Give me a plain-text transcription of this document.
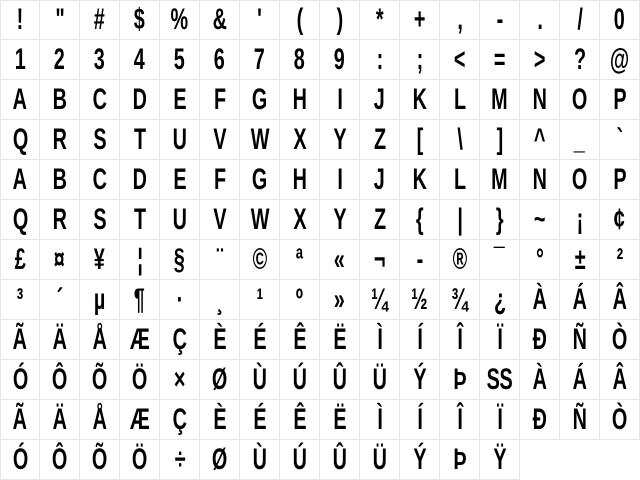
! " # $ % & ' ( ) * + , - . / 0
1 2 3 4 5 6 7 8 9 : ; < = > ? @
A B C D E F G H I J K L M N O P
Q R S T U V W X Y Z [ \ ] ^ _ `
A B C D E F G H I J K L M N O P
Q R S T U V W X Y Z { | } ~ ¡ ¢
£ ¤ ¥ ¦ § ¨ © ª « ¬ - ® ¯ ° ± ²
³ ´ µ ¶ · ¸ ¹ º » ¼ ½ ¾ ¿ À Á Â
Ã Ä Å Æ Ç È É Ê Ë Ì Í Î Ï Ð Ñ Ò
Ó Ô Õ Ö × Ø Ù Ú Û Ü Ý Þ SS À Á Â
Ã Ä Å Æ Ç È É Ê Ë Ì Í Î Ï Ð Ñ Ò
Ó Ô Õ Ö ÷ Ø Ù Ú Û Ü Ý Þ Ÿ
